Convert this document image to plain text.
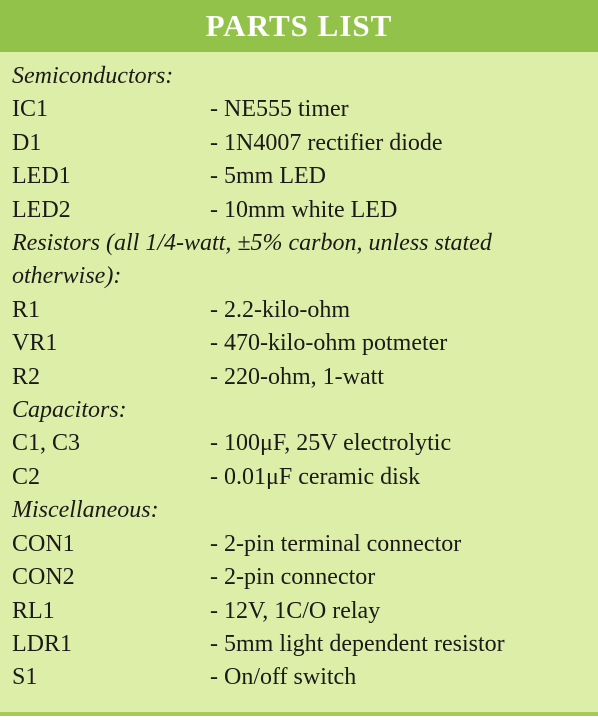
PARTS LIST
Semiconductors:
IC1	- NE555 timer
D1	- 1N4007 rectifier diode
LED1	- 5mm LED
LED2	- 10mm white LED
Resistors (all 1/4-watt, ±5% carbon, unless stated otherwise):
R1	- 2.2-kilo-ohm
VR1	- 470-kilo-ohm potmeter
R2	- 220-ohm, 1-watt
Capacitors:
C1, C3	- 100μF, 25V electrolytic
C2	- 0.01μF ceramic disk
Miscellaneous:
CON1	- 2-pin terminal connector
CON2	- 2-pin connector
RL1	- 12V, 1C/O relay
LDR1	- 5mm light dependent resistor
S1	- On/off switch
